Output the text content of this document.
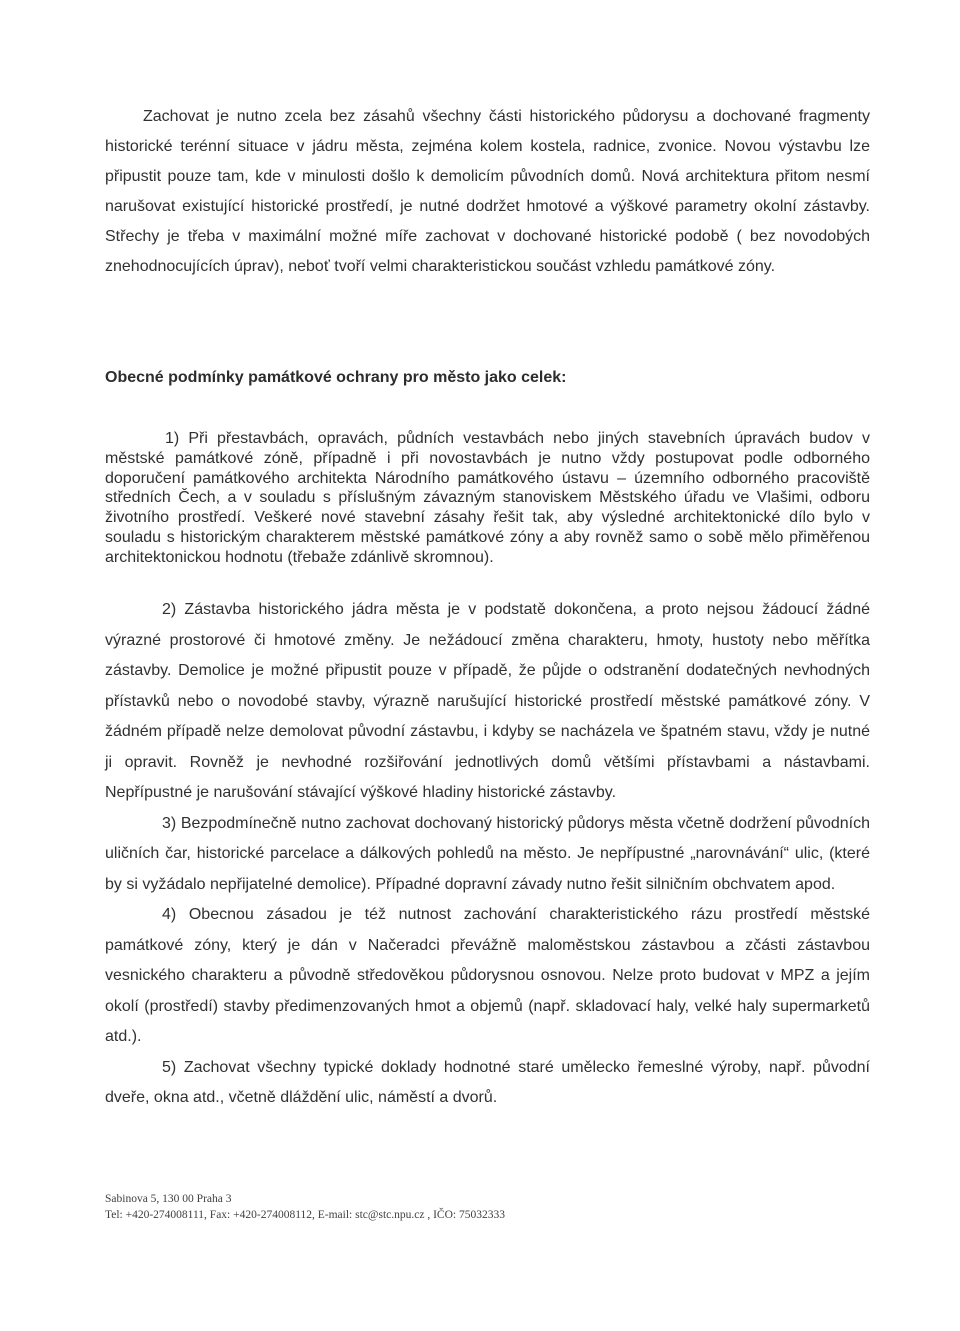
Zachovat je nutno zcela bez zásahů všechny části historického půdorysu a dochované fragmenty historické terénní situace v jádru města, zejména kolem kostela, radnice, zvonice. Novou výstavbu lze připustit pouze tam, kde v minulosti došlo k demolicím původních domů. Nová architektura přitom nesmí narušovat existující historické prostředí, je nutné dodržet hmotové a výškové parametry okolní zástavby. Střechy je třeba v maximální možné míře zachovat v dochované historické podobě ( bez novodobých znehodnocujících úprav), neboť tvoří velmi charakteristickou součást vzhledu památkové zóny.

Obecné podmínky památkové ochrany pro město jako celek:

1) Při přestavbách, opravách, půdních vestavbách nebo jiných stavebních úpravách budov v městské památkové zóně, případně i při novostavbách je nutno vždy postupovat podle odborného doporučení památkového architekta Národního památkového ústavu – územního odborného pracoviště středních Čech, a v souladu s příslušným závazným stanoviskem Městského úřadu ve Vlašimi, odboru životního prostředí. Veškeré nové stavební zásahy řešit tak, aby výsledné architektonické dílo bylo v souladu s historickým charakterem městské památkové zóny a aby rovněž samo o sobě mělo přiměřenou architektonickou hodnotu (třebaže zdánlivě skromnou).

2) Zástavba historického jádra města je v podstatě dokončena, a proto nejsou žádoucí žádné výrazné prostorové či hmotové změny. Je nežádoucí změna charakteru, hmoty, hustoty nebo měřítka zástavby. Demolice je možné připustit pouze v případě, že půjde o odstranění dodatečných nevhodných přístavků nebo o novodobé stavby, výrazně narušující historické prostředí městské památkové zóny. V žádném případě nelze demolovat původní zástavbu, i kdyby se nacházela ve špatném stavu, vždy je nutné ji opravit. Rovněž je nevhodné rozšiřování jednotlivých domů většími přístavbami a nástavbami. Nepřípustné je narušování stávající výškové hladiny historické zástavby.

3) Bezpodmínečně nutno zachovat dochovaný historický půdorys města včetně dodržení původních uličních čar, historické parcelace a dálkových pohledů na město. Je nepřípustné „narovnávání“ ulic, (které by si vyžádalo nepřijatelné demolice). Případné dopravní závady nutno řešit silničním obchvatem apod.

4) Obecnou zásadou je též nutnost zachování charakteristického rázu prostředí městské památkové zóny, který je dán v Načeradci převážně maloměstskou zástavbou a zčásti zástavbou vesnického charakteru a původně středověkou půdorysnou osnovou. Nelze proto budovat v MPZ a jejím okolí (prostředí) stavby předimenzovaných hmot a objemů (např. skladovací haly, velké haly supermarketů atd.).

5) Zachovat všechny typické doklady hodnotné staré umělecko řemeslné výroby, např. původní dveře, okna atd., včetně dláždění ulic, náměstí a dvorů.

Sabinova 5, 130 00 Praha 3
Tel: +420-274008111, Fax: +420-274008112, E-mail: stc@stc.npu.cz , IČO: 75032333
